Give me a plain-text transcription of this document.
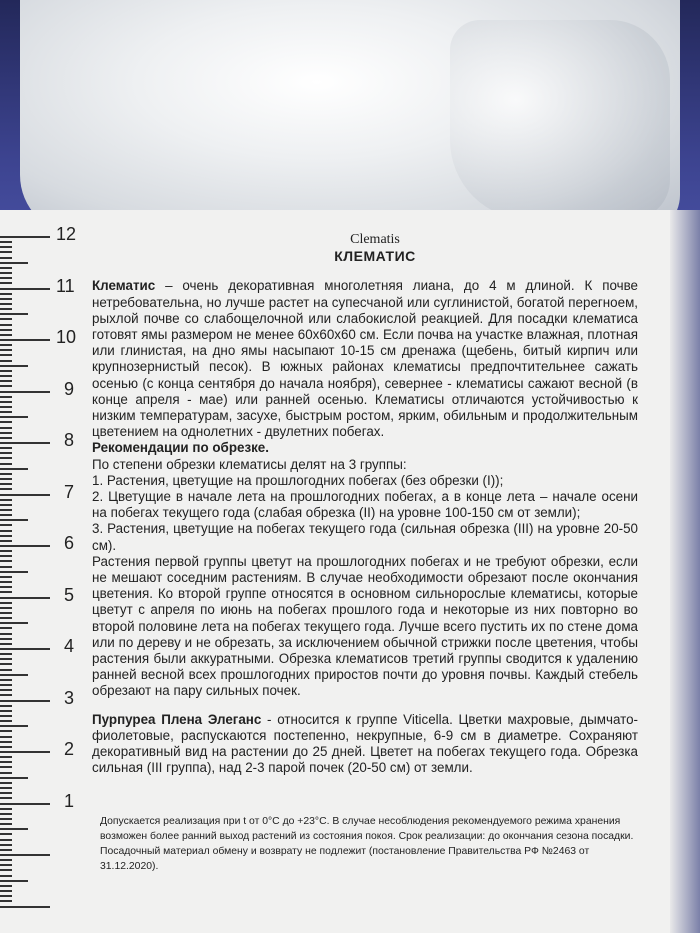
12
11
10
9
8
7
6
5
4
3
2
1
Clematis
КЛЕМАТИС

Клематис – очень декоративная многолетняя лиана, до 4 м длиной. К почве нетребовательна, но лучше растет на супесчаной или суглинистой, богатой перегноем, рыхлой почве со слабощелочной или слабокислой реакцией. Для посадки клематиса готовят ямы размером не менее 60х60х60 см. Если почва на участке влажная, плотная или глинистая, на дно ямы насыпают 10-15 см дренажа (щебень, битый кирпич или крупнозернистый песок). В южных районах клематисы предпочтительнее сажать осенью (с конца сентября до начала ноября), севернее - клематисы сажают весной (в конце апреля - мае) или ранней осенью. Клематисы отличаются устойчивостью к низким температурам, засухе, быстрым ростом, ярким, обильным и продолжительным цветением на однолетних - двулетних побегах.

Рекомендации по обрезке.

По степени обрезки клематисы делят на 3 группы:

1. Растения, цветущие на прошлогодних побегах (без обрезки (I));

2. Цветущие в начале лета на прошлогодних побегах, а в конце лета – начале осени на побегах текущего года (слабая обрезка (II) на уровне 100-150 см от земли);

3. Растения, цветущие на побегах текущего года (сильная обрезка (III) на уровне 20-50 см).

Растения первой группы цветут на прошлогодних побегах и не требуют обрезки, если не мешают соседним растениям. В случае необходимости обрезают после окончания цветения. Ко второй группе относятся в основном сильнорослые клематисы, которые цветут с апреля по июнь на побегах прошлого года и некоторые из них повторно во второй половине лета на побегах текущего года. Лучше всего пустить их по стене дома или по дереву и не обрезать, за исключением обычной стрижки после цветения, чтобы растения были аккуратными. Обрезка клематисов третий группы сводится к удалению ранней весной всех прошлогодних приростов почти до уровня почвы. Каждый стебель обрезают на пару сильных почек.

Пурпуреа Плена Элеганс - относится к группе Viticella. Цветки махровые, дымчато-фиолетовые, распускаются постепенно, некрупные, 6-9 см в диаметре. Сохраняют декоративный вид на растении до 25 дней. Цветет на побегах текущего года. Обрезка сильная (III группа), над 2-3 парой почек (20-50 см) от земли.

Допускается реализация при t от 0°C до +23°C. В случае несоблюдения рекомендуемого режима хранения возможен более ранний выход растений из состояния покоя. Срок реализации: до окончания сезона посадки. Посадочный материал обмену и возврату не подлежит (постановление Правительства РФ №2463 от 31.12.2020).
